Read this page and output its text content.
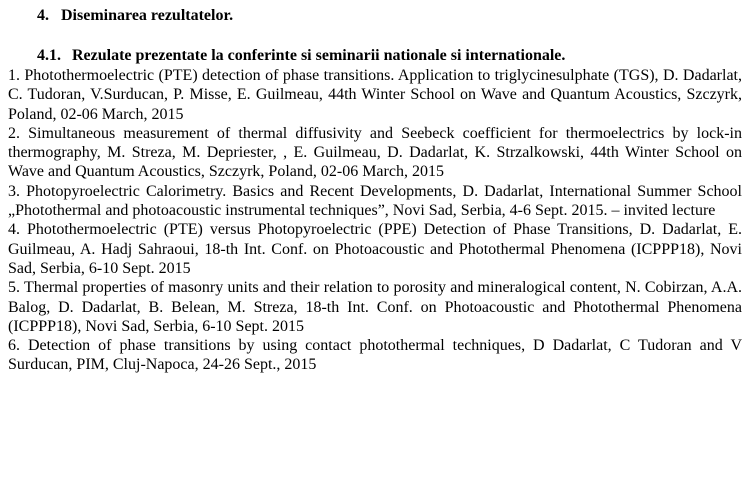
4. Diseminarea rezultatelor.
4.1. Rezulate prezentate la conferinte si seminarii nationale si internationale.
1. Photothermoelectric (PTE) detection of phase transitions. Application to triglycinesulphate (TGS), D. Dadarlat, C. Tudoran, V.Surducan, P. Misse, E. Guilmeau, 44th Winter School on Wave and Quantum Acoustics, Szczyrk, Poland, 02-06 March, 2015
2. Simultaneous measurement of thermal diffusivity and Seebeck coefficient for thermoelectrics by lock-in thermography, M. Streza, M. Depriester, , E. Guilmeau, D. Dadarlat, K. Strzalkowski, 44th Winter School on Wave and Quantum Acoustics, Szczyrk, Poland, 02-06 March, 2015
3. Photopyroelectric Calorimetry. Basics and Recent Developments, D. Dadarlat, International Summer School „Photothermal and photoacoustic instrumental techniques”, Novi Sad, Serbia, 4-6 Sept. 2015. – invited lecture
4. Photothermoelectric (PTE) versus Photopyroelectric (PPE) Detection of Phase Transitions, D. Dadarlat, E. Guilmeau, A. Hadj Sahraoui, 18-th Int. Conf. on Photoacoustic and Photothermal Phenomena (ICPPP18), Novi Sad, Serbia, 6-10 Sept. 2015
5. Thermal properties of masonry units and their relation to porosity and mineralogical content, N. Cobirzan, A.A. Balog, D. Dadarlat, B. Belean, M. Streza, 18-th Int. Conf. on Photoacoustic and Photothermal Phenomena (ICPPP18), Novi Sad, Serbia, 6-10 Sept. 2015
6. Detection of phase transitions by using contact photothermal techniques, D Dadarlat, C Tudoran and V Surducan, PIM, Cluj-Napoca, 24-26 Sept., 2015
